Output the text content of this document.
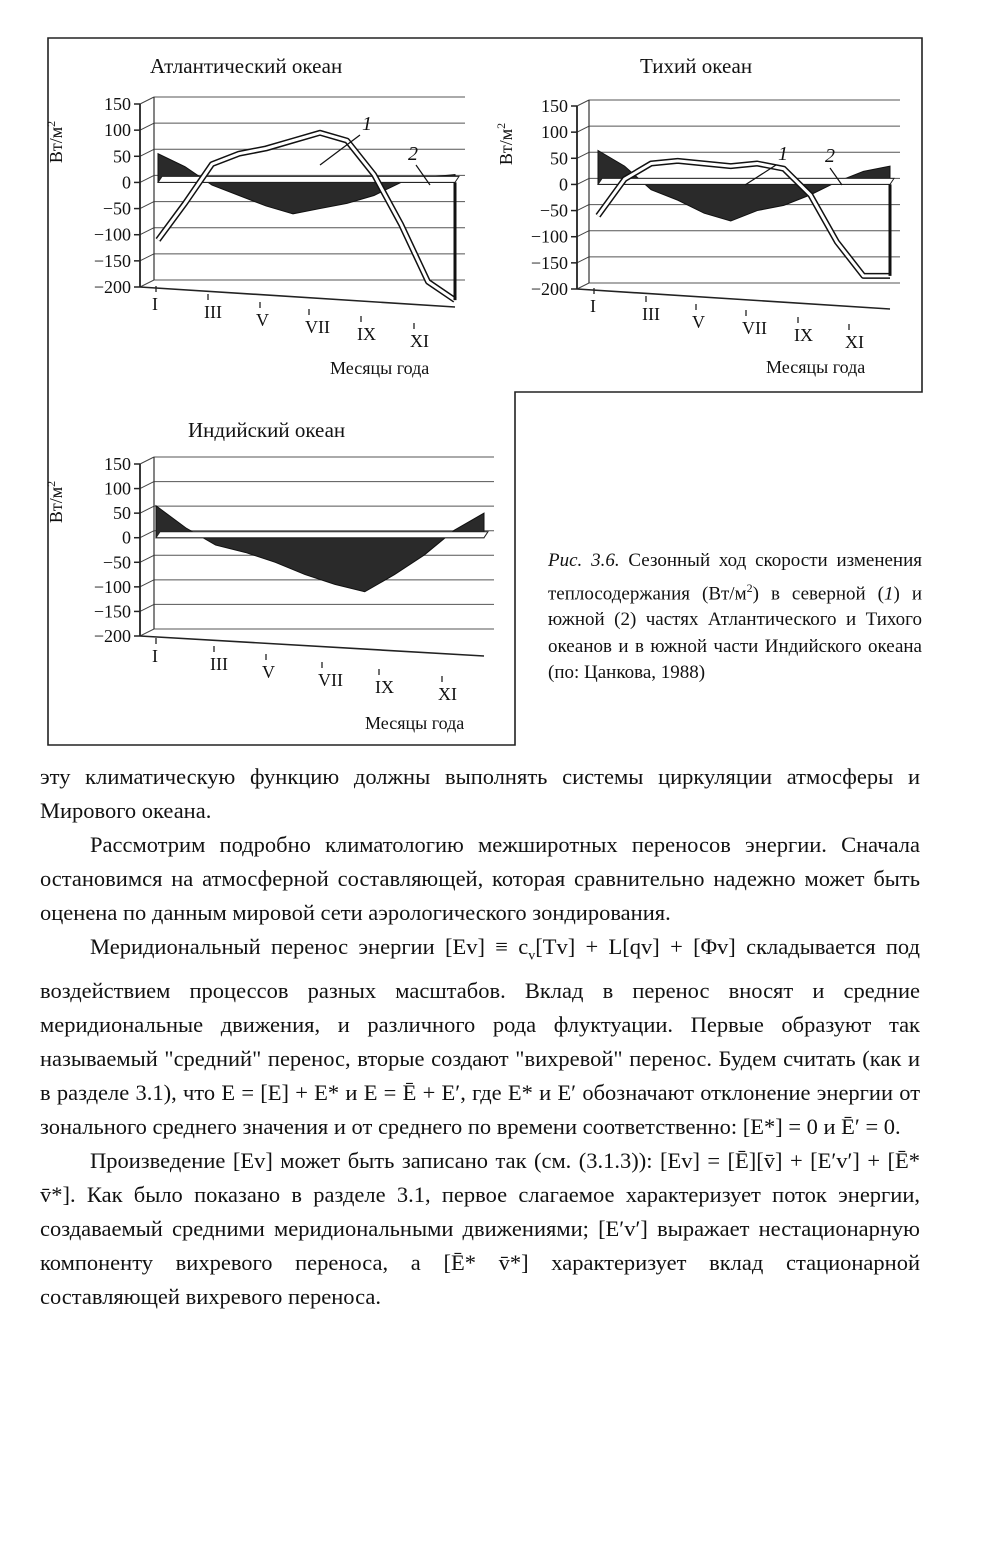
150
100
50
0
−50
−100
−150
−200
$Вт/м^2$
I	III V VII IX XI
1
2
150
100
50
0
−50
−100
−150
−200
$Вт/м^2$
I	III V VII IX XI
1 2
150
100
50
0
−50
−100
−150
−200
$Вт/м^2$
I	III V VII IX XI
Атлантический океан	Тихий океан
Индийский океан
Месяцы года	Месяцы года
Месяцы года
Рис. 3.6. Сезонный ход скорости изменения теплосодержания $(Вт/м^2)$ в северной (1) и южной (2) частях Атлантического и Тихого океанов и в южной части Индийского океана (по: Цанкова, 1988)

эту климатическую функцию должны выполнять системы циркуляции атмосферы и Мирового океана.

Рассмотрим подробно климатологию межширотных переносов энергии. Сначала остановимся на атмосферной составляющей, которая сравнительно надежно может быть оценена по данным мировой сети аэрологического зондирования.

Меридиональный перенос энергии $[Ev] \equiv c_v[Tv] + L[qv] + [\Phi v]$ складывается под воздействием процессов разных масштабов. Вклад в перенос вносят и средние меридиональные движения, и различного рода флуктуации. Первые образуют так называемый "средний" перенос, вторые создают "вихревой" перенос. Будем считать (как и в разделе 3.1), что E = [E] + E* и E = Ē + E′, где E* и E′ обозначают отклонение энергии от зонального среднего значения и от среднего по времени соответственно: [E*] = 0 и Ē′ = 0.

Произведение [Ev] может быть записано так (см. (3.1.3)): [Ev] = [Ē][v̄] + [E′v′] + [Ē* v̄*]. Как было показано в разделе 3.1, первое слагаемое характеризует поток энергии, создаваемый средними меридиональными движениями; [E′v′] выражает нестационарную компоненту вихревого переноса, а [Ē* v̄*] характеризует вклад стационарной составляющей вихревого переноса.
